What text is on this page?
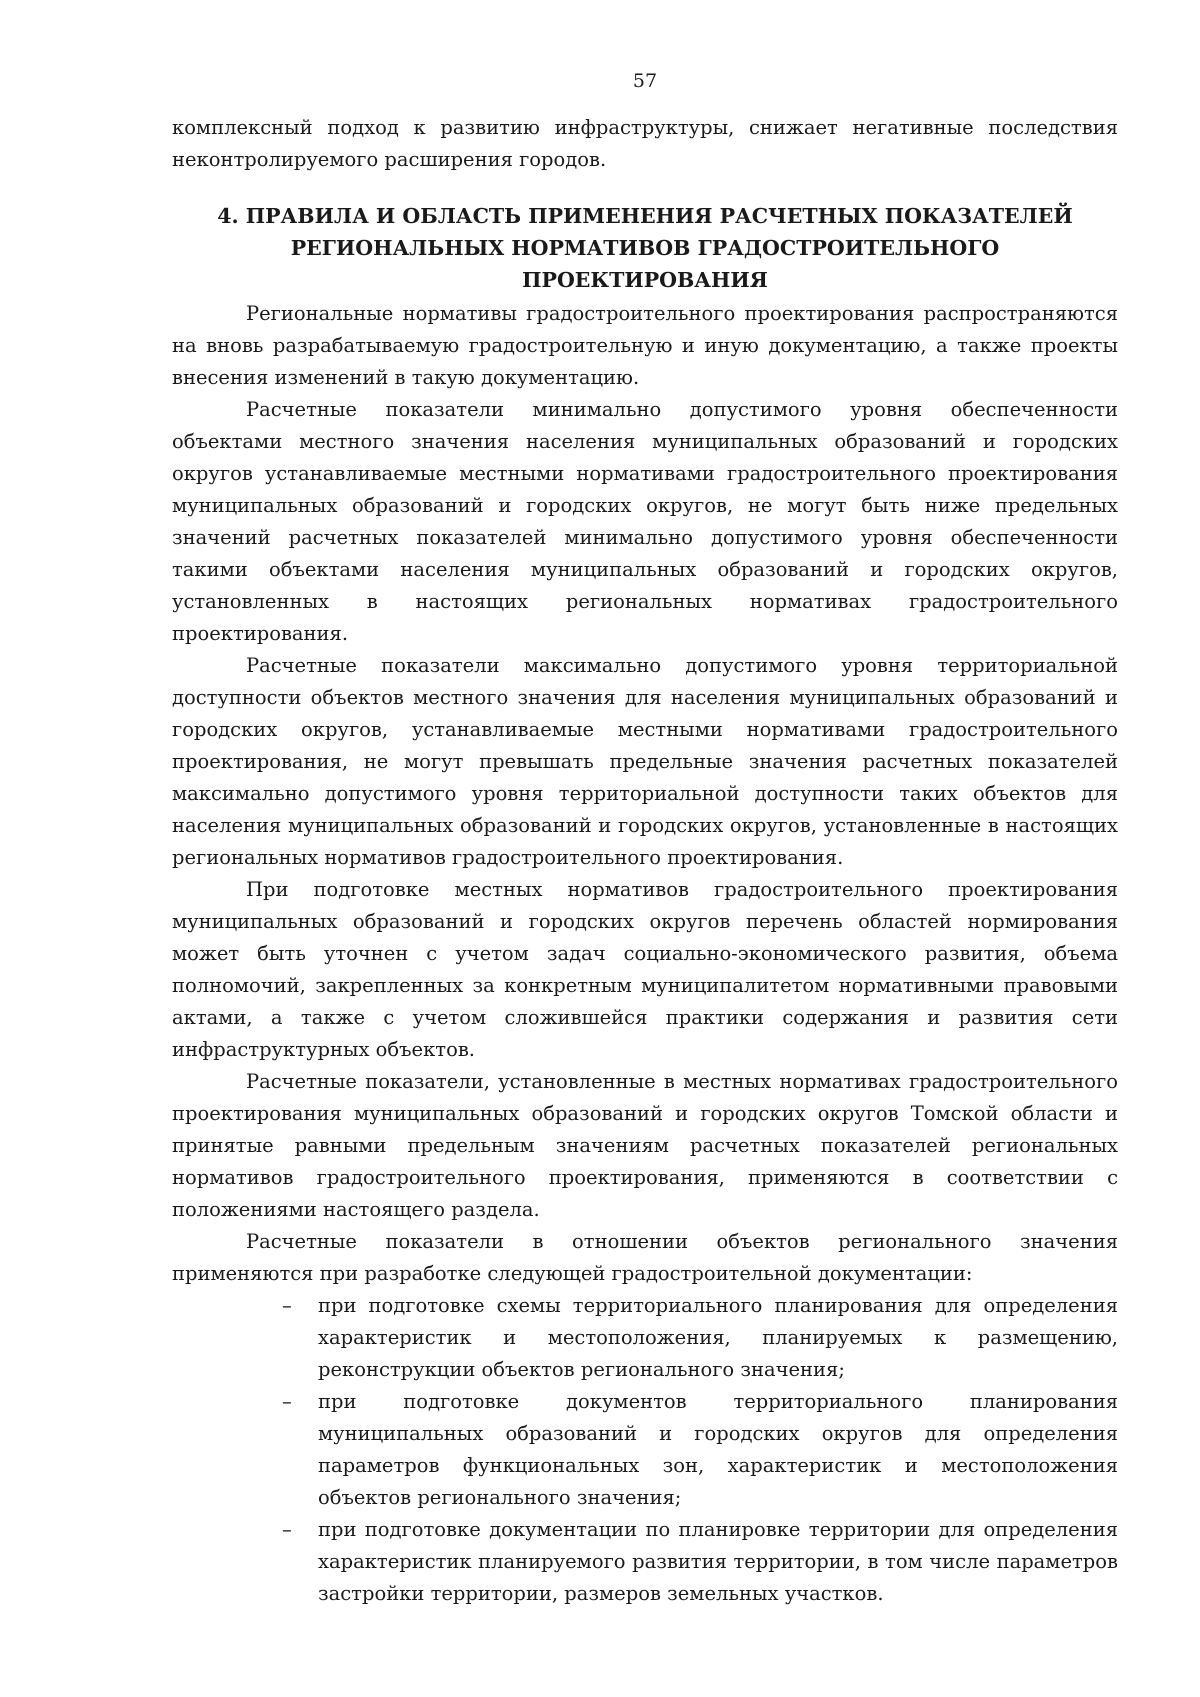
57

комплексный подход к развитию инфраструктуры, снижает негативные последствия неконтролируемого расширения городов.

4. ПРАВИЛА И ОБЛАСТЬ ПРИМЕНЕНИЯ РАСЧЕТНЫХ ПОКАЗАТЕЛЕЙ
РЕГИОНАЛЬНЫХ НОРМАТИВОВ ГРАДОСТРОИТЕЛЬНОГО
ПРОЕКТИРОВАНИЯ

Региональные нормативы градостроительного проектирования распространяются на вновь разрабатываемую градостроительную и иную документацию, а также проекты внесения изменений в такую документацию.

Расчетные показатели минимально допустимого уровня обеспеченности объектами местного значения населения муниципальных образований и городских округов устанавливаемые местными нормативами градостроительного проектирования муниципальных образований и городских округов, не могут быть ниже предельных значений расчетных показателей минимально допустимого уровня обеспеченности такими объектами населения муниципальных образований и городских округов, установленных в настоящих региональных нормативах градостроительного проектирования.

Расчетные показатели максимально допустимого уровня территориальной доступности объектов местного значения для населения муниципальных образований и городских округов, устанавливаемые местными нормативами градостроительного проектирования, не могут превышать предельные значения расчетных показателей максимально допустимого уровня территориальной доступности таких объектов для населения муниципальных образований и городских округов, установленные в настоящих региональных нормативов градостроительного проектирования.

При подготовке местных нормативов градостроительного проектирования муниципальных образований и городских округов перечень областей нормирования может быть уточнен с учетом задач социально-экономического развития, объема полномочий, закрепленных за конкретным муниципалитетом нормативными правовыми актами, а также с учетом сложившейся практики содержания и развития сети инфраструктурных объектов.

Расчетные показатели, установленные в местных нормативах градостроительного проектирования муниципальных образований и городских округов Томской области и принятые равными предельным значениям расчетных показателей региональных нормативов градостроительного проектирования, применяются в соответствии с положениями настоящего раздела.

Расчетные показатели в отношении объектов регионального значения применяются при разработке следующей градостроительной документации:

– при подготовке схемы территориального планирования для определения характеристик и местоположения, планируемых к размещению, реконструкции объектов регионального значения;
– при подготовке документов территориального планирования муниципальных образований и городских округов для определения параметров функциональных зон, характеристик и местоположения объектов регионального значения;
– при подготовке документации по планировке территории для определения характеристик планируемого развития территории, в том числе параметров застройки территории, размеров земельных участков.
